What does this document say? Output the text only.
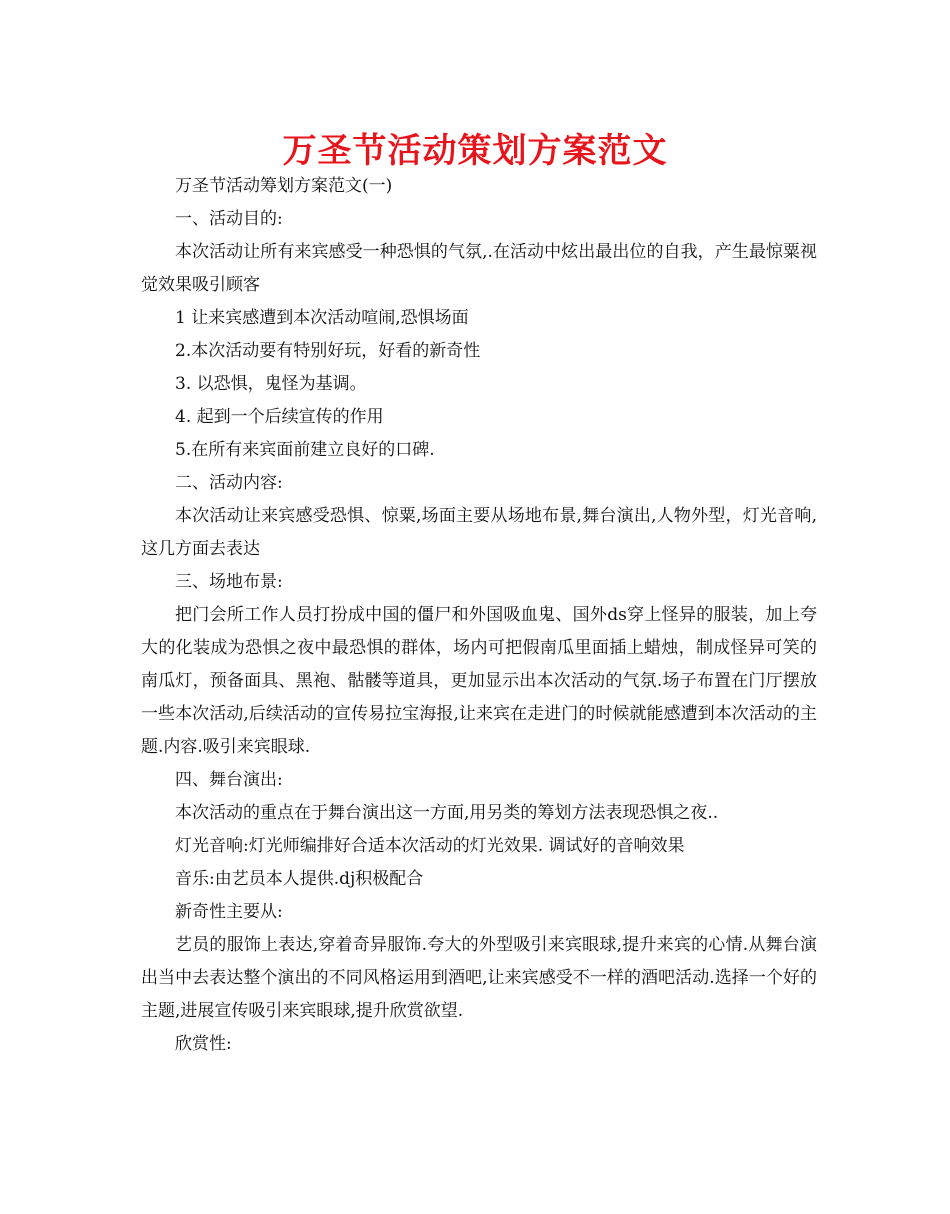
万圣节活动策划方案范文

万圣节活动筹划方案范文(一)

一、活动目的:

本次活动让所有来宾感受一种恐惧的气氛,.在活动中炫出最出位的自我，产生最惊粟视觉效果吸引顾客

1 让来宾感遭到本次活动喧闹,恐惧场面

2.本次活动要有特别好玩，好看的新奇性

3. 以恐惧，鬼怪为基调。

4. 起到一个后续宣传的作用

5.在所有来宾面前建立良好的口碑.

二、活动内容:

本次活动让来宾感受恐惧、惊粟,场面主要从场地布景,舞台演出,人物外型，灯光音响,这几方面去表达

三、场地布景:

把门会所工作人员打扮成中国的僵尸和外国吸血鬼、国外ds穿上怪异的服装，加上夸大的化装成为恐惧之夜中最恐惧的群体，场内可把假南瓜里面插上蜡烛，制成怪异可笑的南瓜灯，预备面具、黑袍、骷髅等道具，更加显示出本次活动的气氛.场子布置在门厅摆放一些本次活动,后续活动的宣传易拉宝海报,让来宾在走进门的时候就能感遭到本次活动的主题.内容.吸引来宾眼球.

四、舞台演出:

本次活动的重点在于舞台演出这一方面,用另类的筹划方法表现恐惧之夜..

灯光音响:灯光师编排好合适本次活动的灯光效果. 调试好的音响效果

音乐:由艺员本人提供.dj积极配合

新奇性主要从:

艺员的服饰上表达,穿着奇异服饰.夸大的外型吸引来宾眼球,提升来宾的心情.从舞台演出当中去表达整个演出的不同风格运用到酒吧,让来宾感受不一样的酒吧活动.选择一个好的主题,进展宣传吸引来宾眼球,提升欣赏欲望.

欣赏性:
